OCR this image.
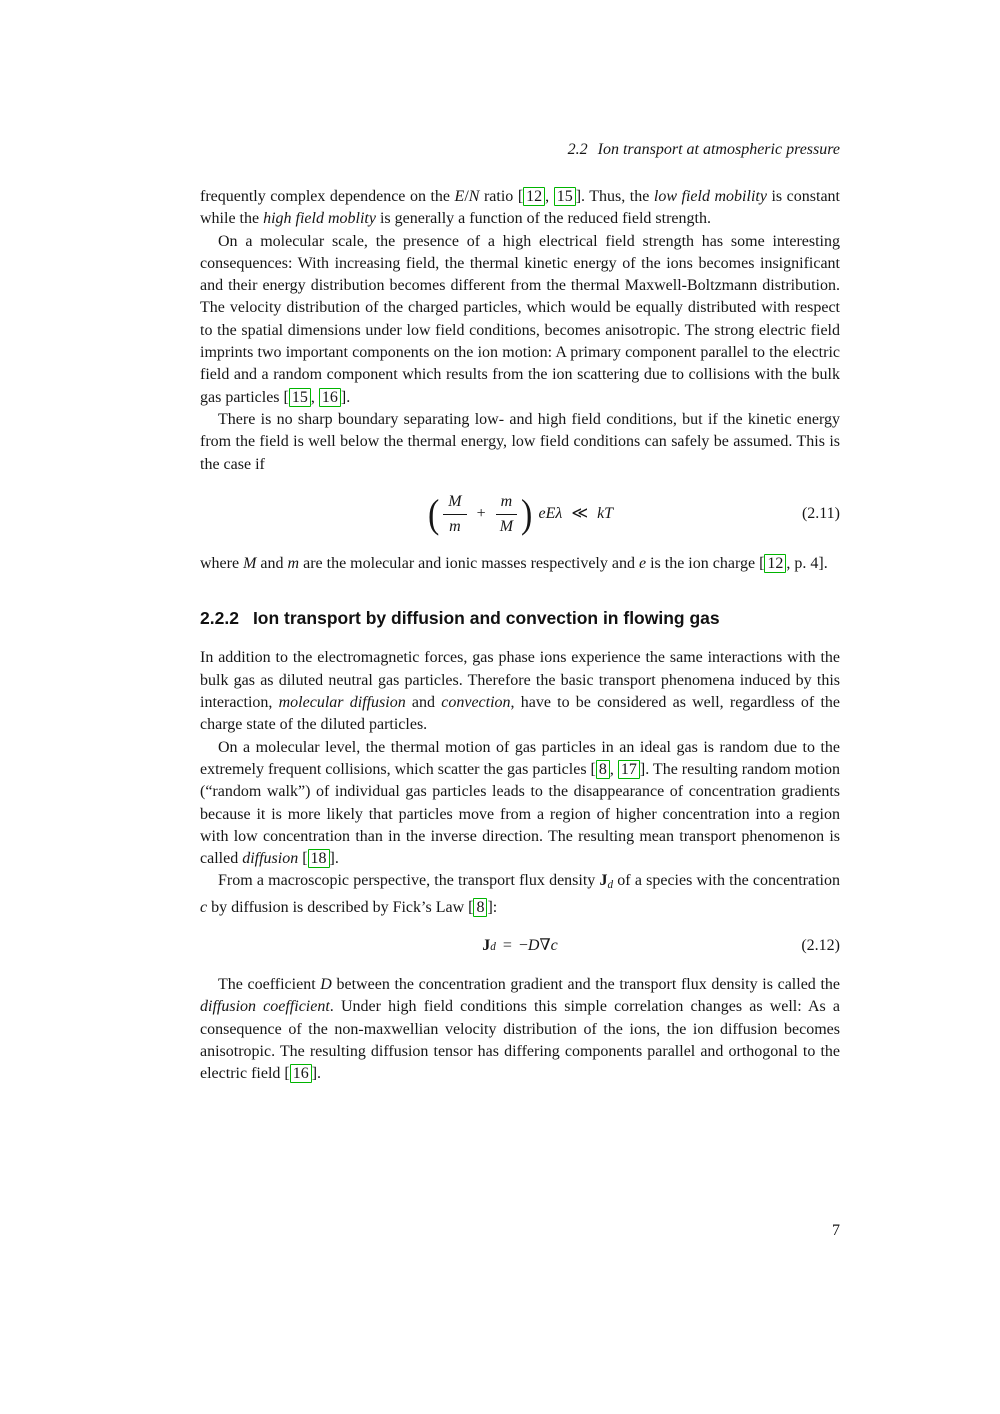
2.2 Ion transport at atmospheric pressure

frequently complex dependence on the E/N ratio [ 12 , 15 ]. Thus, the low field mobility is constant while the high field moblity is generally a function of the reduced field strength.

On a molecular scale, the presence of a high electrical field strength has some interesting consequences: With increasing field, the thermal kinetic energy of the ions becomes insignificant and their energy distribution becomes different from the thermal Maxwell-Boltzmann distribution. The velocity distribution of the charged particles, which would be equally distributed with respect to the spatial dimensions under low field conditions, becomes anisotropic. The strong electric field imprints two important components on the ion motion: A primary component parallel to the electric field and a random component which results from the ion scattering due to collisions with the bulk gas particles [ 15 , 16 ].

There is no sharp boundary separating low- and high field conditions, but if the kinetic energy from the field is well below the thermal energy, low field conditions can safely be assumed. This is the case if

( $\frac{M}{m} + \frac{m}{M}$ ) eEλ ≪ kT	(2.11)

where M and m are the molecular and ionic masses respectively and e is the ion charge [ 12 , p. 4].

2.2.2 Ion transport by diffusion and convection in flowing gas

In addition to the electromagnetic forces, gas phase ions experience the same interactions with the bulk gas as diluted neutral gas particles. Therefore the basic transport phenomena induced by this interaction, molecular diffusion and convection, have to be considered as well, regardless of the charge state of the diluted particles.

On a molecular level, the thermal motion of gas particles in an ideal gas is random due to the extremely frequent collisions, which scatter the gas particles [ 8 , 17 ]. The resulting random motion (“random walk”) of individual gas particles leads to the disappearance of concentration gradients because it is more likely that particles move from a region of higher concentration into a region with low concentration than in the inverse direction. The resulting mean transport phenomenon is called diffusion [ 18 ].

From a macroscopic perspective, the transport flux density $J_d$ of a species with the concentration c by diffusion is described by Fick’s Law [ 8 ]:

J d = − D ∇ c	(2.12)

The coefficient D between the concentration gradient and the transport flux density is called the diffusion coefficient. Under high field conditions this simple correlation changes as well: As a consequence of the non-maxwellian velocity distribution of the ions, the ion diffusion becomes anisotropic. The resulting diffusion tensor has differing components parallel and orthogonal to the electric field [ 16 ].

7
